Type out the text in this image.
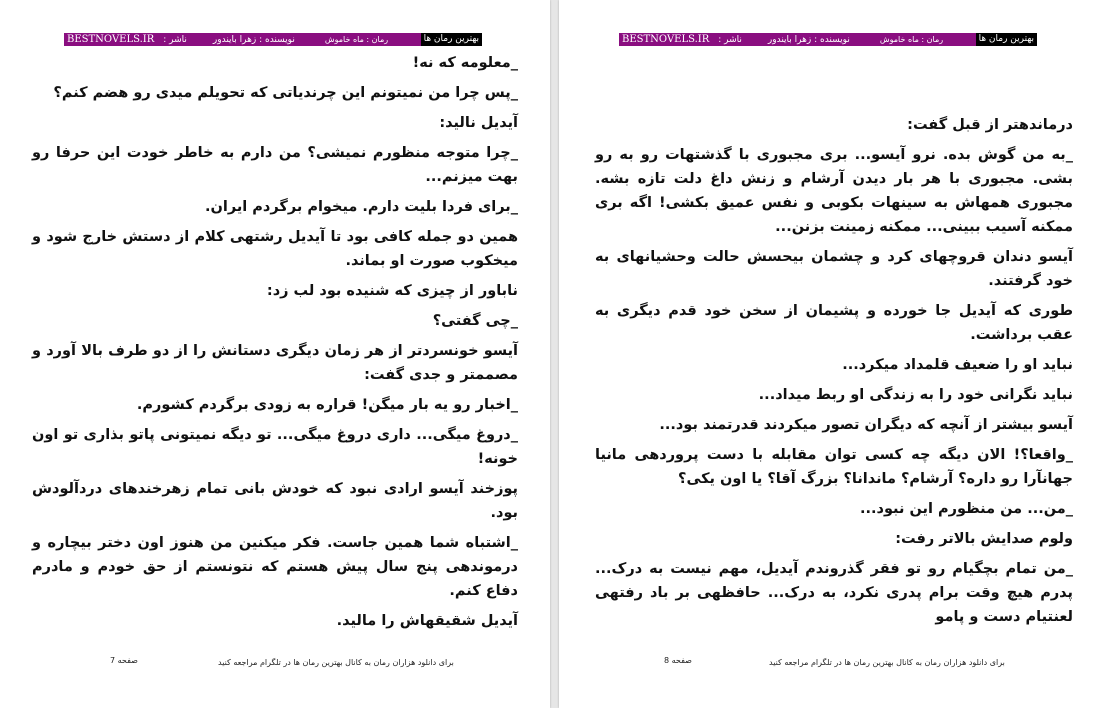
BESTNOVELS.IR	ناشر :	نویسنده : زهرا بایندور	رمان : ماه خاموش	بهترین رمان ها

_معلومه که نه!

_پس چرا من نمیتونم این چرندیاتی که تحویلم میدی رو هضم کنم؟

آیدیل نالید:

_چرا متوجه منظورم نمیشی؟ من دارم به خاطر خودت این حرفا رو بهت میزنم...

_برای فردا بلیت دارم. میخوام برگردم ایران.

همین دو جمله کافی بود تا آیدیل رشتهی کلام از دستش خارج شود و میخکوب صورت او بماند.

ناباور از چیزی که شنیده بود لب زد:

_چی گفتی؟

آیسو خونسردتر از هر زمان دیگری دستانش را از دو طرف بالا آورد و مصممتر و جدی گفت:

_اخبار رو یه بار میگن! قراره به زودی برگردم کشورم.

_دروغ میگی... داری دروغ میگی... تو دیگه نمیتونی پاتو بذاری تو اون خونه!

پوزخند آیسو ارادی نبود که خودش بانی تمام زهرخندهای دردآلودش بود.

_اشتباه شما همین جاست. فکر میکنین من هنوز اون دختر بیچاره و درموندهی پنج سال پیش هستم که نتونستم از حق خودم و مادرم دفاع کنم.

آیدیل شقیقهاش را مالید.

صفحه 7	برای دانلود هزاران رمان به کانال بهترین رمان ها در تلگرام مراجعه کنید
BESTNOVELS.IR	ناشر :	نویسنده : زهرا بایندور	رمان : ماه خاموش	بهترین رمان ها

درماندهتر از قبل گفت:

_به من گوش بده. نرو آیسو... بری مجبوری با گذشتهات رو به رو بشی. مجبوری با هر بار دیدن آرشام و زنش داغ دلت تازه بشه. مجبوری همهاش به سینهات بکوبی و نفس عمیق بکشی! اگه بری ممکنه آسیب ببینی... ممکنه زمینت بزنن...

آیسو دندان قروچهای کرد و چشمان بیحسش حالت وحشیانهای به خود گرفتند.

طوری که آیدیل جا خورده و پشیمان از سخن خود قدم دیگری به عقب برداشت.

نباید او را ضعیف قلمداد میکرد...

نباید نگرانی خود را به زندگی او ربط میداد...

آیسو بیشتر از آنچه که دیگران تصور میکردند قدرتمند بود...

_واقعا؟! الان دیگه چه کسی توان مقابله با دست پروردهی مانیا جهانآرا رو داره؟ آرشام؟ ماندانا؟ بزرگ آقا؟ یا اون یکی؟

_من... من منظورم این نبود...

ولوم صدایش بالاتر رفت:

_من تمام بچگیام رو تو فقر گذروندم آیدیل، مهم نیست به درک... پدرم هیچ وقت برام پدری نکرد، به درک... حافظهی بر باد رفتهی لعنتیام دست و پامو

صفحه 8	برای دانلود هزاران رمان به کانال بهترین رمان ها در تلگرام مراجعه کنید
